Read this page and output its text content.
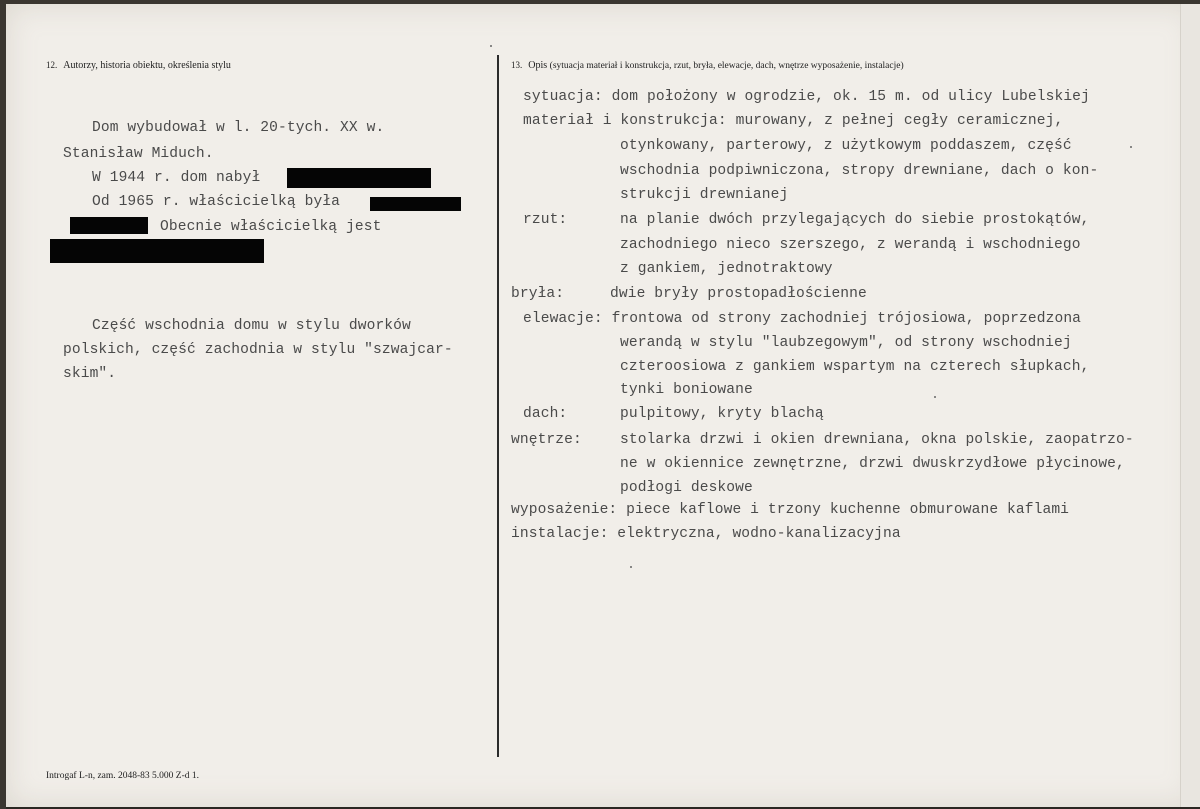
12. Autorzy, historia obiektu, określenia stylu
Dom wybudował w l. 20-tych. XX w.
Stanisław Miduch.
W 1944 r. dom nabył
Od 1965 r. właścicielką była
Obecnie właścicielką jest
Część wschodnia domu w stylu dworków
polskich, część zachodnia w stylu "szwajcar-
skim".
13. Opis (sytuacja materiał i konstrukcja, rzut, bryła, elewacje, dach, wnętrze wyposażenie, instalacje)
sytuacja: dom położony w ogrodzie, ok. 15 m. od ulicy Lubelskiej
materiał i konstrukcja: murowany, z pełnej cegły ceramicznej,
otynkowany, parterowy, z użytkowym poddaszem, część
wschodnia podpiwniczona, stropy drewniane, dach o kon-
strukcji drewnianej
rzut:	na planie dwóch przylegających do siebie prostokątów,
zachodniego nieco szerszego, z werandą i wschodniego
z gankiem, jednotraktowy
bryła:	dwie bryły prostopadłościenne
elewacje: frontowa od strony zachodniej trójosiowa, poprzedzona
werandą w stylu "laubzegowym", od strony wschodniej
czteroosiowa z gankiem wspartym na czterech słupkach,
tynki boniowane
dach:	pulpitowy, kryty blachą
wnętrze:	stolarka drzwi i okien drewniana, okna polskie, zaopatrzo-
ne w okiennice zewnętrzne, drzwi dwuskrzydłowe płycinowe,
podłogi deskowe
wyposażenie: piece kaflowe i trzony kuchenne obmurowane kaflami
instalacje: elektryczna, wodno-kanalizacyjna
Introgaf L-n, zam. 2048-83 5.000 Z-d 1.
